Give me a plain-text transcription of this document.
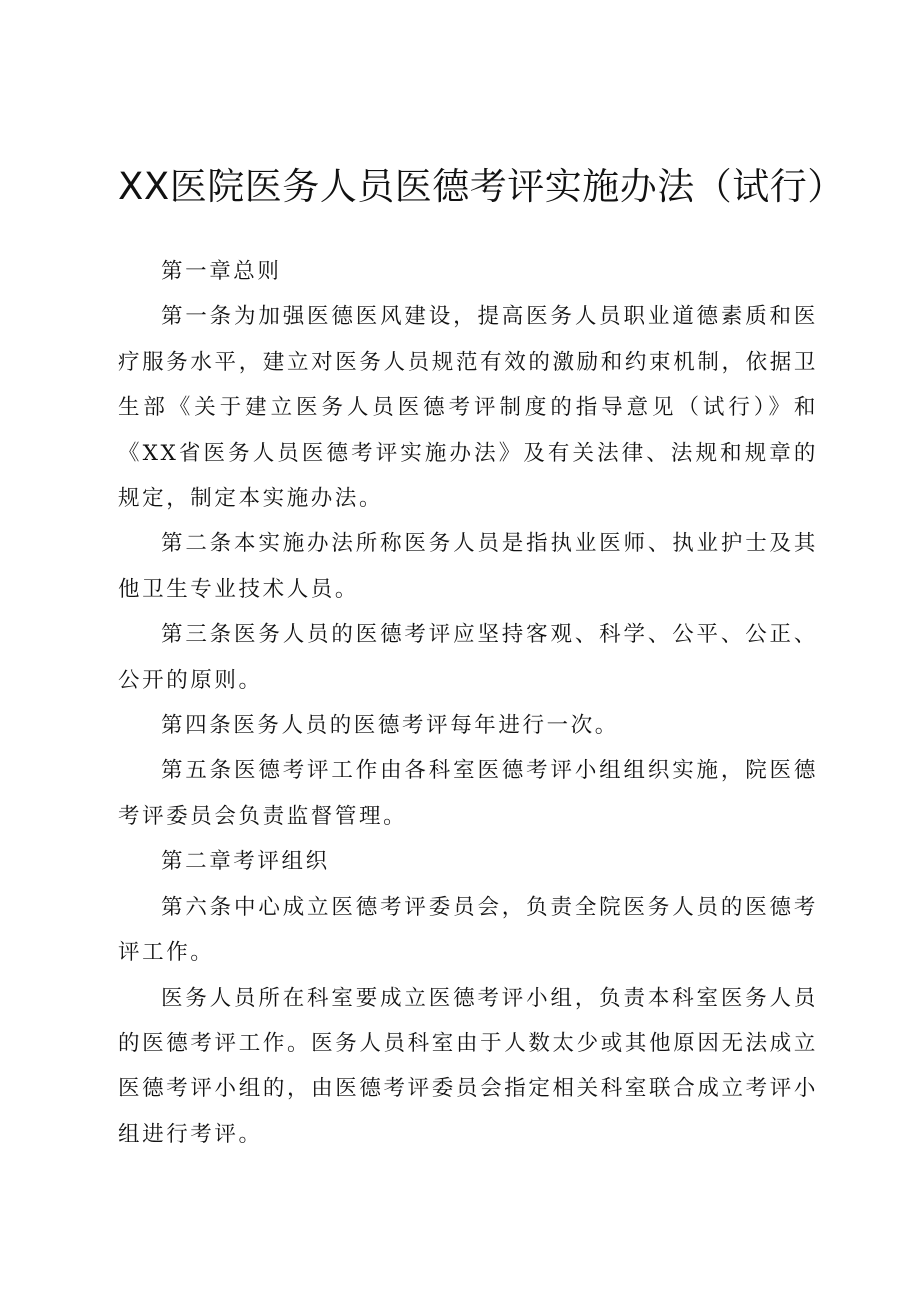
XX医院医务人员医德考评实施办法（试行）

第一章总则

第一条为加强医德医风建设，提高医务人员职业道德素质和医疗服务水平，建立对医务人员规范有效的激励和约束机制，依据卫生部《关于建立医务人员医德考评制度的指导意见（试行）》和《XX省医务人员医德考评实施办法》及有关法律、法规和规章的规定，制定本实施办法。

第二条本实施办法所称医务人员是指执业医师、执业护士及其他卫生专业技术人员。

第三条医务人员的医德考评应坚持客观、科学、公平、公正、公开的原则。

第四条医务人员的医德考评每年进行一次。

第五条医德考评工作由各科室医德考评小组组织实施，院医德考评委员会负责监督管理。

第二章考评组织

第六条中心成立医德考评委员会，负责全院医务人员的医德考评工作。

医务人员所在科室要成立医德考评小组，负责本科室医务人员的医德考评工作。医务人员科室由于人数太少或其他原因无法成立医德考评小组的，由医德考评委员会指定相关科室联合成立考评小组进行考评。
